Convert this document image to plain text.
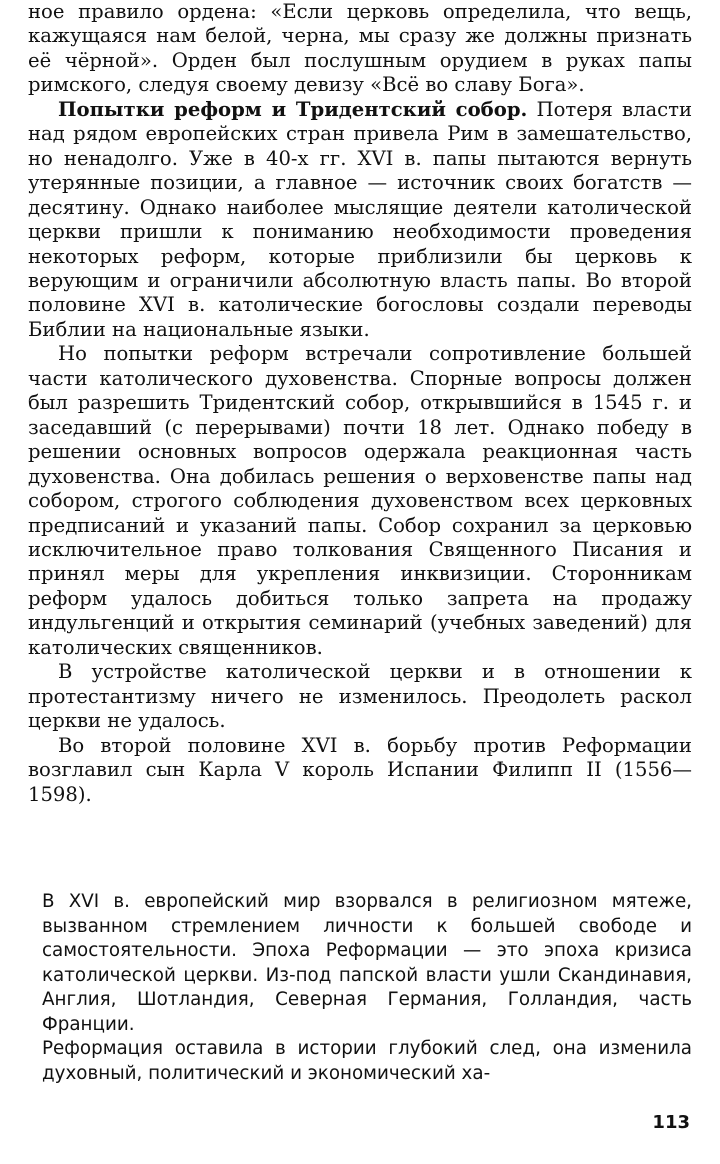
ное правило ордена: «Если церковь определила, что вещь, кажущаяся нам белой, черна, мы сразу же должны признать её чёрной». Орден был послушным орудием в руках папы римского, следуя своему девизу «Всё во славу Бога».

Попытки реформ и Тридентский собор. Потеря власти над рядом европейских стран привела Рим в замешательство, но ненадолго. Уже в 40-х гг. XVI в. папы пытаются вернуть утерянные позиции, а главное — источник своих богатств — десятину. Однако наиболее мыслящие деятели католической церкви пришли к пониманию необходимости проведения некоторых реформ, которые приблизили бы церковь к верующим и ограничили абсолютную власть папы. Во второй половине XVI в. католические богословы создали переводы Библии на национальные языки.

Но попытки реформ встречали сопротивление большей части католического духовенства. Спорные вопросы должен был разрешить Тридентский собор, открывшийся в 1545 г. и заседавший (с перерывами) почти 18 лет. Однако победу в решении основных вопросов одержала реакционная часть духовенства. Она добилась решения о верховенстве папы над собором, строгого соблюдения духовенством всех церковных предписаний и указаний папы. Собор сохранил за церковью исключительное право толкования Священного Писания и принял меры для укрепления инквизиции. Сторонникам реформ удалось добиться только запрета на продажу индульгенций и открытия семинарий (учебных заведений) для католических священников.

В устройстве католической церкви и в отношении к протестантизму ничего не изменилось. Преодолеть раскол церкви не удалось.

Во второй половине XVI в. борьбу против Реформации возглавил сын Карла V король Испании Филипп II (1556—1598).

В XVI в. европейский мир взорвался в религиозном мятеже, вызванном стремлением личности к большей свободе и самостоятельности. Эпоха Реформации — это эпоха кризиса католической церкви. Из-под папской власти ушли Скандинавия, Англия, Шотландия, Северная Германия, Голландия, часть Франции.

Реформация оставила в истории глубокий след, она изменила духовный, политический и экономический ха-

113
